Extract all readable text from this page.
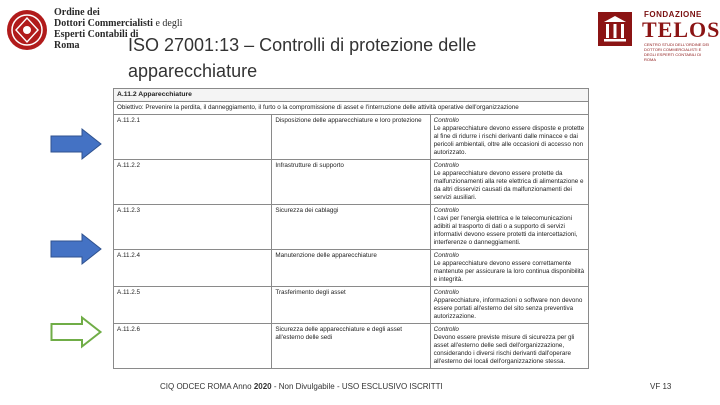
Ordine dei
Dottori Commercialisti e degli
Esperti Contabili di
Roma	ISO 27001:13 – Controlli di protezione delle apparecchiature
FONDAZIONE
TELOS
CENTRO STUDI DELL'ORDINE DEI DOTTORI COMMERCIALISTI E DEGLI ESPERTI CONTABILI DI ROMA
A.11.2 Apparecchiature		
Obiettivo: Prevenire la perdita, il danneggiamento, il furto o la compromissione di asset e l'interruzione delle attività operative dell'organizzazione		
A.11.2.1	Disposizione delle apparecchiature e loro protezione	Controllo
Le apparecchiature devono essere disposte e protette al fine di ridurre i rischi derivanti dalle minacce e dai pericoli ambientali, oltre alle occasioni di accesso non autorizzato.
A.11.2.2	Infrastrutture di supporto	Controllo
Le apparecchiature devono essere protette da malfunzionamenti alla rete elettrica di alimentazione e da altri disservizi causati da malfunzionamenti dei servizi ausiliari.
A.11.2.3	Sicurezza dei cablaggi	Controllo
I cavi per l'energia elettrica e le telecomunicazioni adibiti al trasporto di dati o a supporto di servizi informativi devono essere protetti da intercettazioni, interferenze o danneggiamenti.
A.11.2.4	Manutenzione delle apparecchiature	Controllo
Le apparecchiature devono essere correttamente mantenute per assicurare la loro continua disponibilità e integrità.
A.11.2.5	Trasferimento degli asset	Controllo
Apparecchiature, informazioni o software non devono essere portati all'esterno del sito senza preventiva autorizzazione.
A.11.2.6	Sicurezza delle apparecchiature e degli asset all'esterno delle sedi	Controllo
Devono essere previste misure di sicurezza per gli asset all'esterno delle sedi dell'organizzazione, considerando i diversi rischi derivanti dall'operare all'esterno dei locali dell'organizzazione stessa.
CIQ ODCEC ROMA Anno 2020 - Non Divulgabile - USO ESCLUSIVO ISCRITTI	VF 13
